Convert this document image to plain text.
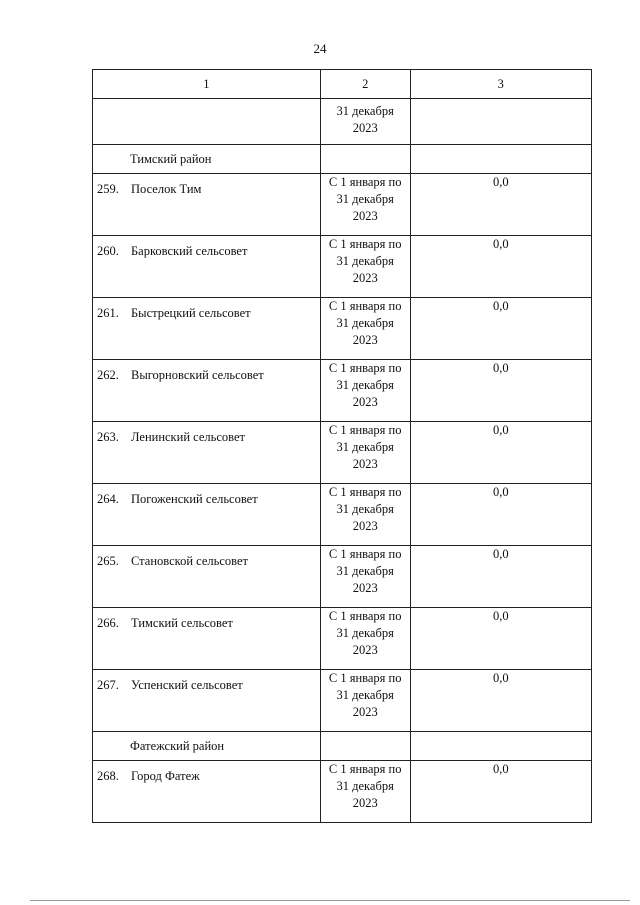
24
1	2	3

	31 декабря
2023	

Тимский район		

259. Поселок Тим	С 1 января по
31 декабря
2023	0,0

260. Барковский сельсовет	С 1 января по
31 декабря
2023	0,0

261. Быстрецкий сельсовет	С 1 января по
31 декабря
2023	0,0

262. Выгорновский сельсовет	С 1 января по
31 декабря
2023	0,0

263. Ленинский сельсовет	С 1 января по
31 декабря
2023	0,0

264. Погоженский сельсовет	С 1 января по
31 декабря
2023	0,0

265. Становской сельсовет	С 1 января по
31 декабря
2023	0,0

266. Тимский сельсовет	С 1 января по
31 декабря
2023	0,0

267. Успенский сельсовет	С 1 января по
31 декабря
2023	0,0
Фатежский район		

268. Город Фатеж	С 1 января по
31 декабря
2023	0,0
